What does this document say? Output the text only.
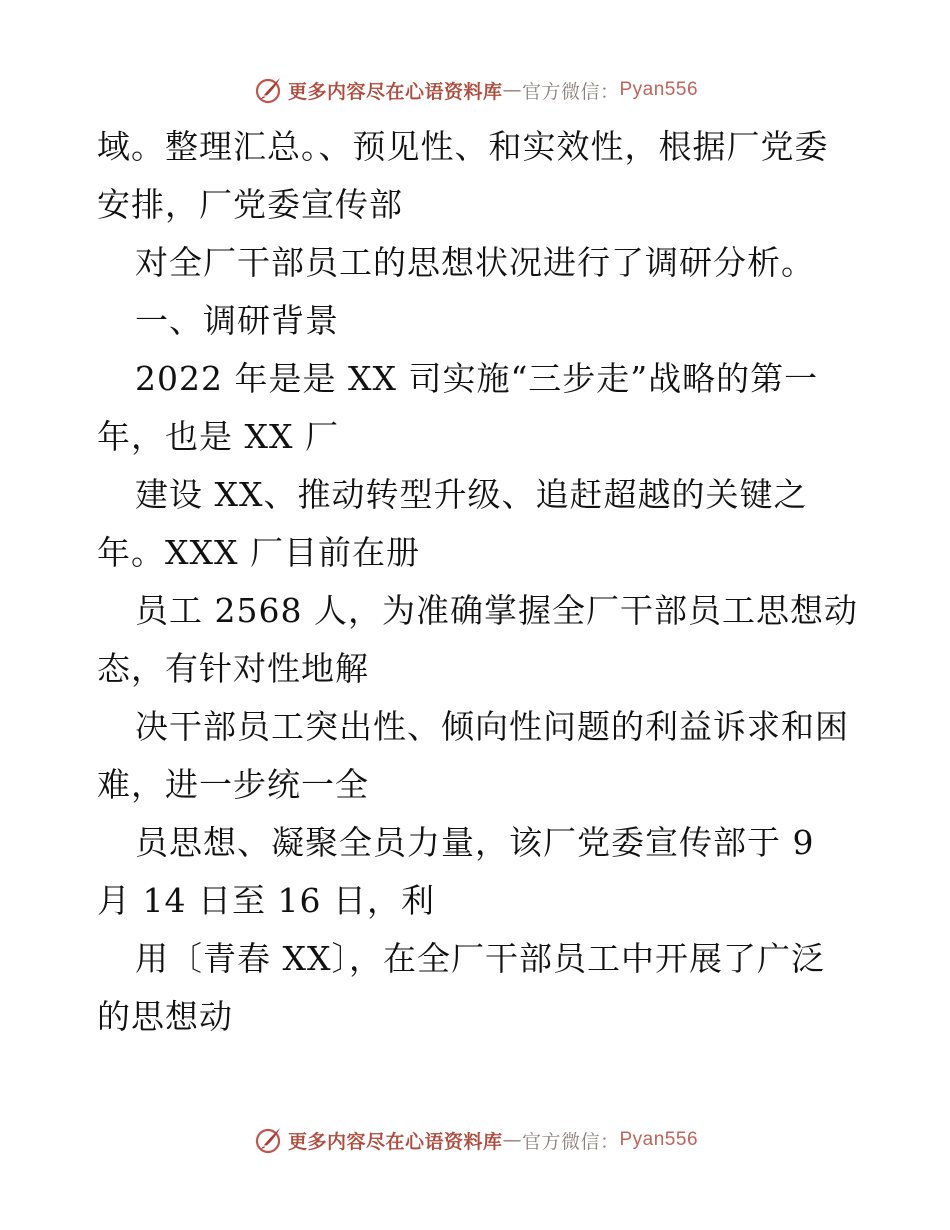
更多内容尽在心语资料库 — 官方微信： Pyan556
域。整理汇总。、预见性、和实效性，根据厂党委
安排，厂党委宣传部
对全厂干部员工的思想状况进行了调研分析。
一、调研背景
2022 年是是 XX 司实施“三步走”战略的第一
年，也是 XX 厂
建设 XX、推动转型升级、追赶超越的关键之
年。XXX 厂目前在册
员工 2568 人，为准确掌握全厂干部员工思想动
态，有针对性地解
决干部员工突出性、倾向性问题的利益诉求和困
难，进一步统一全
员思想、凝聚全员力量，该厂党委宣传部于 9
月 14 日至 16 日，利
用〔青春 XX〕，在全厂干部员工中开展了广泛
的思想动
更多内容尽在心语资料库 — 官方微信： Pyan556
